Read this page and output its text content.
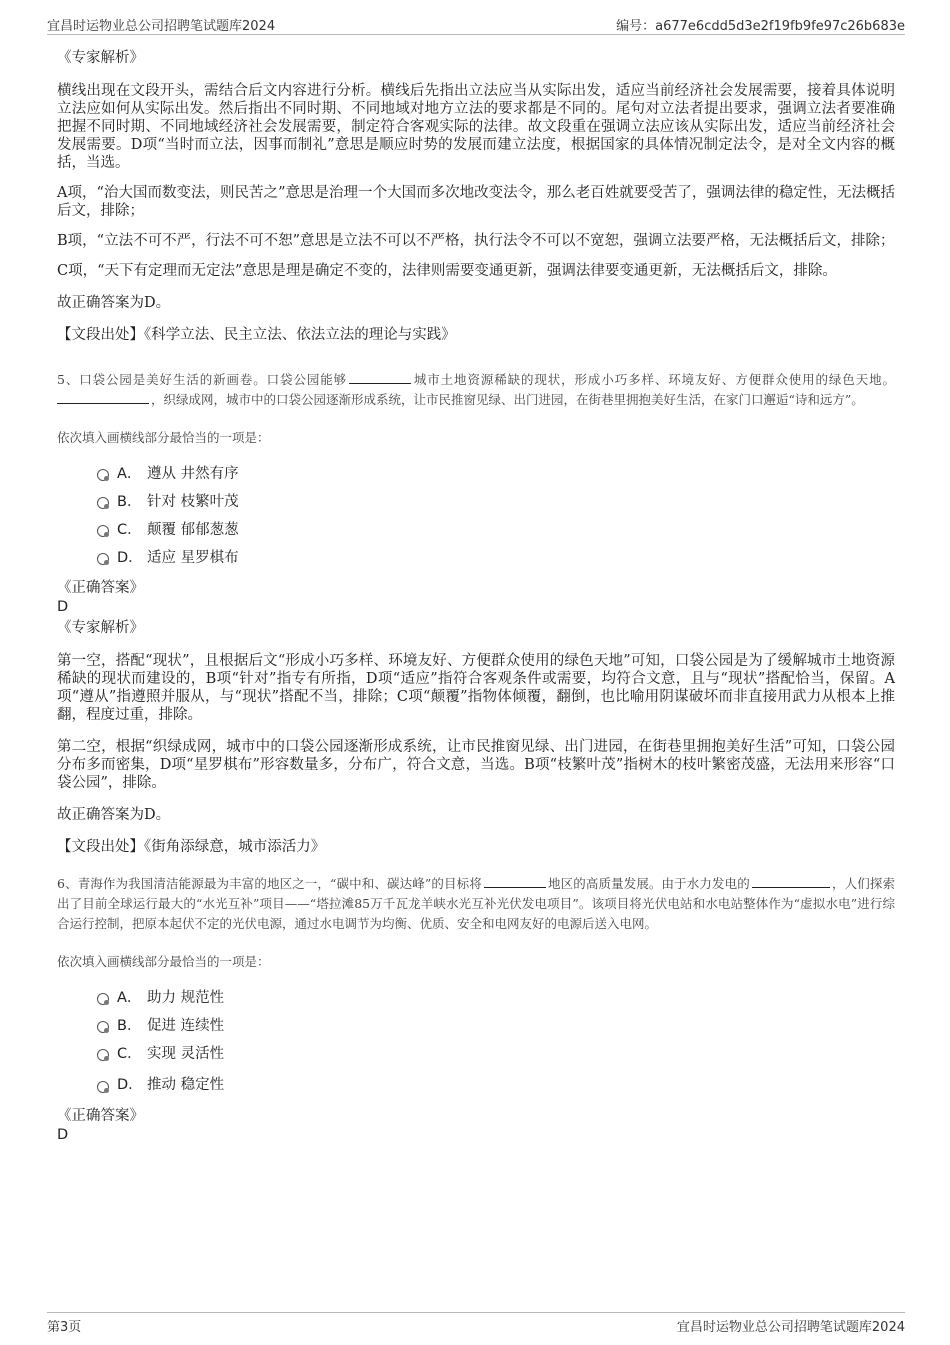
宜昌时运物业总公司招聘笔试题库2024	编号：a677e6cdd5d3e2f19fb9fe97c26b683e

《专家解析》

横线出现在文段开头，需结合后文内容进行分析。横线后先指出立法应当从实际出发，适应当前经济社会发展需要，接着具体说明立法应如何从实际出发。然后指出不同时期、不同地域对地方立法的要求都是不同的。尾句对立法者提出要求，强调立法者要准确把握不同时期、不同地域经济社会发展需要，制定符合客观实际的法律。故文段重在强调立法应该从实际出发，适应当前经济社会发展需要。D项“当时而立法，因事而制礼”意思是顺应时势的发展而建立法度，根据国家的具体情况制定法令，是对全文内容的概括，当选。

A项，“治大国而数变法，则民苦之”意思是治理一个大国而多次地改变法令，那么老百姓就要受苦了，强调法律的稳定性，无法概括后文，排除；

B项，“立法不可不严，行法不可不恕”意思是立法不可以不严格，执行法令不可以不宽恕，强调立法要严格，无法概括后文，排除；

C项，“天下有定理而无定法”意思是理是确定不变的，法律则需要变通更新，强调法律要变通更新，无法概括后文，排除。

故正确答案为D。

【文段出处】《科学立法、民主立法、依法立法的理论与实践》

5、口袋公园是美好生活的新画卷。口袋公园能够	城市土地资源稀缺的现状，形成小巧多样、环境友好、方便群众使用的绿色天地。，织绿成网，城市中的口袋公园逐渐形成系统，让市民推窗见绿、出门进园，在街巷里拥抱美好生活，在家门口邂逅“诗和远方”。

依次填入画横线部分最恰当的一项是：

A． 遵从 井然有序
B． 针对 枝繁叶茂
C． 颠覆 郁郁葱葱
D． 适应 星罗棋布

《正确答案》

D

《专家解析》

第一空，搭配“现状”，且根据后文“形成小巧多样、环境友好、方便群众使用的绿色天地”可知，口袋公园是为了缓解城市土地资源稀缺的现状而建设的，B项“针对”指专有所指，D项“适应”指符合客观条件或需要，均符合文意，且与“现状”搭配恰当，保留。A项“遵从”指遵照并服从，与“现状”搭配不当，排除；C项“颠覆”指物体倾覆，翻倒，也比喻用阴谋破坏而非直接用武力从根本上推翻，程度过重，排除。

第二空，根据“织绿成网，城市中的口袋公园逐渐形成系统，让市民推窗见绿、出门进园，在街巷里拥抱美好生活”可知，口袋公园分布多而密集，D项“星罗棋布”形容数量多，分布广，符合文意，当选。B项“枝繁叶茂”指树木的枝叶繁密茂盛，无法用来形容“口袋公园”，排除。

故正确答案为D。

【文段出处】《街角添绿意，城市添活力》

6、青海作为我国清洁能源最为丰富的地区之一，“碳中和、碳达峰”的目标将	地区的高质量发展。由于水力发电的	，人们探索出了目前全球运行最大的“水光互补”项目——“塔拉滩85万千瓦龙羊峡水光互补光伏发电项目”。该项目将光伏电站和水电站整体作为“虚拟水电”进行综合运行控制，把原本起伏不定的光伏电源，通过水电调节为均衡、优质、安全和电网友好的电源后送入电网。

依次填入画横线部分最恰当的一项是：

A． 助力 规范性
B． 促进 连续性
C． 实现 灵活性
D． 推动 稳定性

《正确答案》

D

第3页	宜昌时运物业总公司招聘笔试题库2024
